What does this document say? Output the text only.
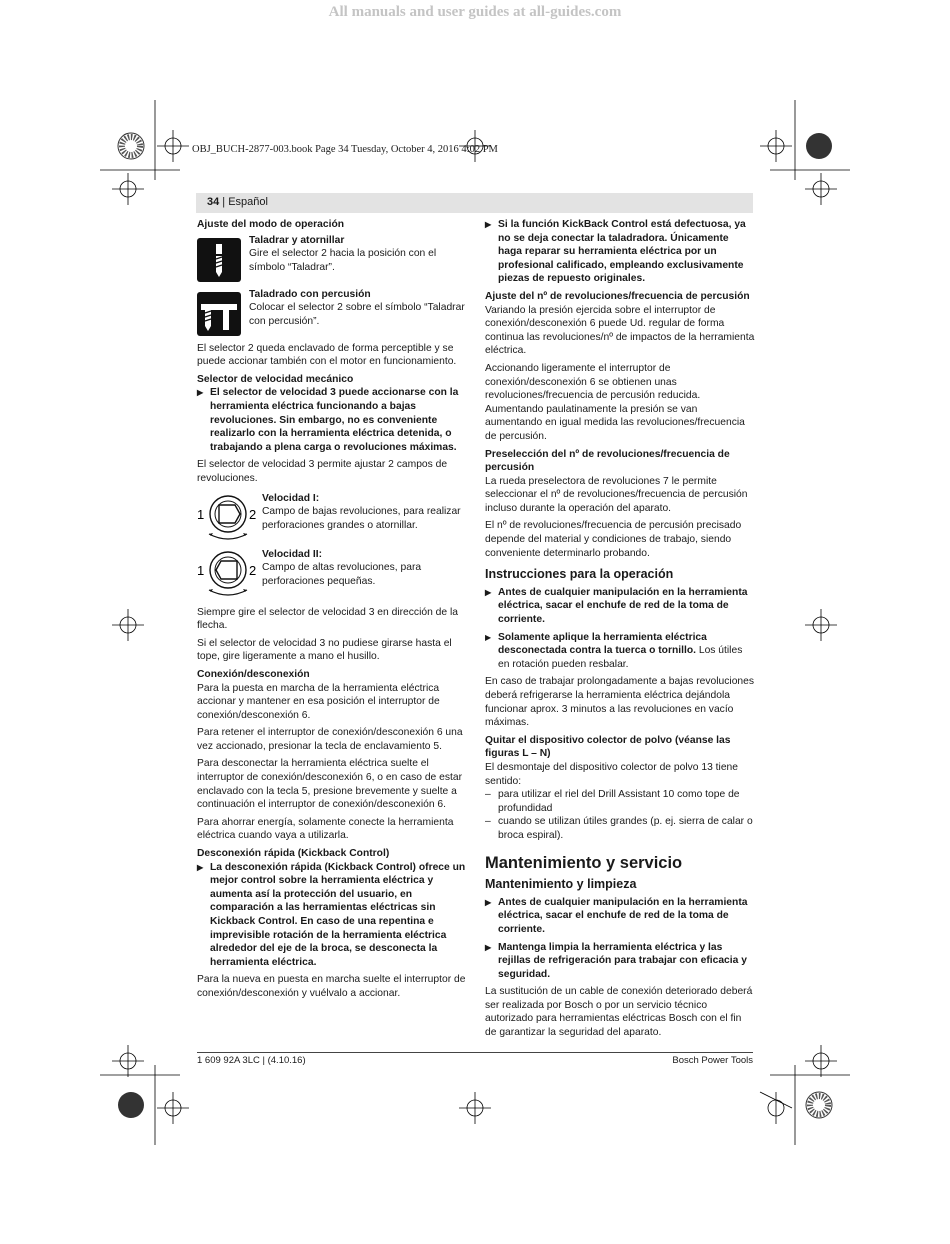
All manuals and user guides at all-guides.com
OBJ_BUCH-2877-003.book Page 34 Tuesday, October 4, 2016 4:02 PM
34 | Español

Ajuste del modo de operación

Taladrar y atornillar

Gire el selector 2 hacia la posición con el símbolo “Taladrar”.

Taladrado con percusión

Colocar el selector 2 sobre el símbolo “Taladrar con percusión”.

El selector 2 queda enclavado de forma perceptible y se puede accionar también con el motor en funcionamiento.

Selector de velocidad mecánico

▶ El selector de velocidad 3 puede accionarse con la herramienta eléctrica funcionando a bajas revoluciones. Sin embargo, no es conveniente realizarlo con la herramienta eléctrica detenida, o trabajando a plena carga o revoluciones máximas.

El selector de velocidad 3 permite ajustar 2 campos de revoluciones.

1	2

Velocidad I:

Campo de bajas revoluciones, para realizar perforaciones grandes o atornillar.

1	2

Velocidad II:

Campo de altas revoluciones, para perforaciones pequeñas.

Siempre gire el selector de velocidad 3 en dirección de la flecha.

Si el selector de velocidad 3 no pudiese girarse hasta el tope, gire ligeramente a mano el husillo.

Conexión/desconexión

Para la puesta en marcha de la herramienta eléctrica accionar y mantener en esa posición el interruptor de conexión/desconexión 6.

Para retener el interruptor de conexión/desconexión 6 una vez accionado, presionar la tecla de enclavamiento 5.

Para desconectar la herramienta eléctrica suelte el interruptor de conexión/desconexión 6, o en caso de estar enclavado con la tecla 5, presione brevemente y suelte a continuación el interruptor de conexión/desconexión 6.

Para ahorrar energía, solamente conecte la herramienta eléctrica cuando vaya a utilizarla.

Desconexión rápida (Kickback Control)

▶ La desconexión rápida (Kickback Control) ofrece un mejor control sobre la herramienta eléctrica y aumenta así la protección del usuario, en comparación a las herramientas eléctricas sin Kickback Control. En caso de una repentina e imprevisible rotación de la herramienta eléctrica alrededor del eje de la broca, se desconecta la herramienta eléctrica.

Para la nueva en puesta en marcha suelte el interruptor de conexión/desconexión y vuélvalo a accionar.

▶ Si la función KickBack Control está defectuosa, ya no se deja conectar la taladradora. Únicamente haga reparar su herramienta eléctrica por un profesional calificado, empleando exclusivamente piezas de repuesto originales.

Ajuste del nº de revoluciones/frecuencia de percusión

Variando la presión ejercida sobre el interruptor de conexión/desconexión 6 puede Ud. regular de forma continua las revoluciones/nº de impactos de la herramienta eléctrica.

Accionando ligeramente el interruptor de conexión/desconexión 6 se obtienen unas revoluciones/frecuencia de percusión reducida. Aumentando paulatinamente la presión se van aumentando en igual medida las revoluciones/frecuencia de percusión.

Preselección del nº de revoluciones/frecuencia de percusión

La rueda preselectora de revoluciones 7 le permite seleccionar el nº de revoluciones/frecuencia de percusión incluso durante la operación del aparato.

El nº de revoluciones/frecuencia de percusión precisado depende del material y condiciones de trabajo, siendo conveniente determinarlo probando.

Instrucciones para la operación

▶ Antes de cualquier manipulación en la herramienta eléctrica, sacar el enchufe de red de la toma de corriente.

▶ Solamente aplique la herramienta eléctrica desconectada contra la tuerca o tornillo. Los útiles en rotación pueden resbalar.

En caso de trabajar prolongadamente a bajas revoluciones deberá refrigerarse la herramienta eléctrica dejándola funcionar aprox. 3 minutos a las revoluciones en vacío máximas.

Quitar el dispositivo colector de polvo (véanse las figuras L – N)

El desmontaje del dispositivo colector de polvo 13 tiene sentido:

– para utilizar el riel del Drill Assistant 10 como tope de profundidad

– cuando se utilizan útiles grandes (p. ej. sierra de calar o broca espiral).

Mantenimiento y servicio

Mantenimiento y limpieza

▶ Antes de cualquier manipulación en la herramienta eléctrica, sacar el enchufe de red de la toma de corriente.

▶ Mantenga limpia la herramienta eléctrica y las rejillas de refrigeración para trabajar con eficacia y seguridad.

La sustitución de un cable de conexión deteriorado deberá ser realizada por Bosch o por un servicio técnico autorizado para herramientas eléctricas Bosch con el fin de garantizar la seguridad del aparato.

1 609 92A 3LC | (4.10.16)	Bosch Power Tools
